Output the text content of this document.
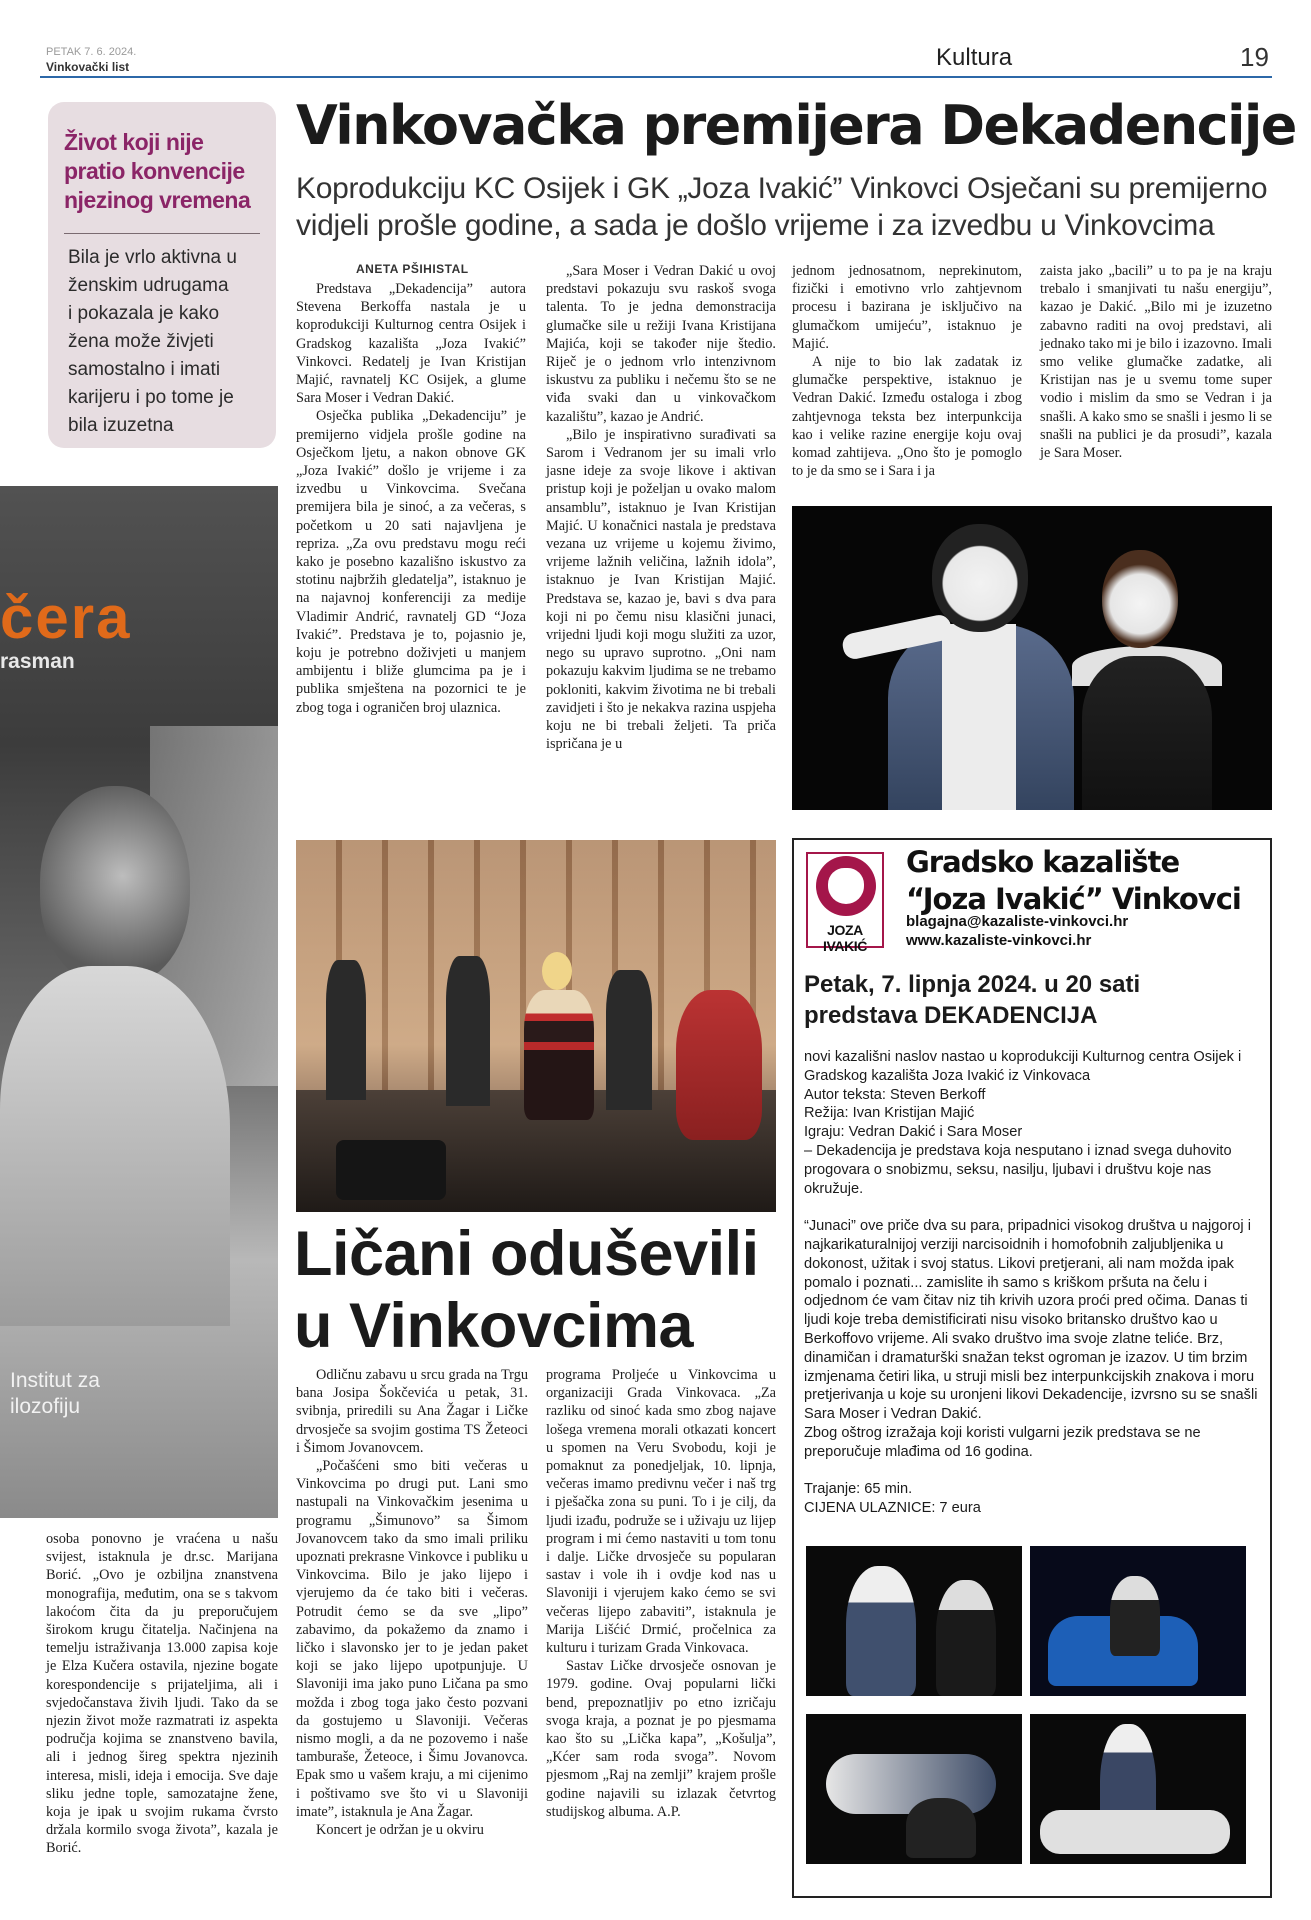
PETAK 7. 6. 2024.
Vinkovački list	Kultura	19
Život koji nije
pratio konvencije
njezinog vremena
Bila je vrlo aktivna u
ženskim udrugama
i pokazala je kako
žena može živjeti
samostalno i imati
karijeru i po tome je
bila izuzetna
čera
rasman
Institut za
ilozofiju
osoba ponovno je vraćena u našu svijest, istaknula je dr.sc. Marijana Borić. „Ovo je ozbiljna znanstvena monografija, međutim, ona se s takvom lakoćom čita da ju preporučujem širokom krugu čitatelja. Načinjena na temelju istraživanja 13.000 zapisa koje je Elza Kučera ostavila, njezine bogate korespondencije s prijateljima, ali i svjedočanstava živih ljudi. Tako da se njezin život može razmatrati iz aspekta područja kojima se znanstveno bavila, ali i jednog šireg spektra njezinih interesa, misli, ideja i emocija. Sve daje sliku jedne tople, samozatajne žene, koja je ipak u svojim rukama čvrsto držala kormilo svoga života”, kazala je Borić.
Vinkovačka premijera Dekadencije
Koprodukciju KC Osijek i GK „Joza Ivakić” Vinkovci Osječani su premijerno vidjeli prošle godine, a sada je došlo vrijeme i za izvedbu u Vinkovcima
ANETA PŠIHISTAL

Predstava „Dekadencija” autora Stevena Berkoffa nastala je u koprodukciji Kulturnog centra Osijek i Gradskog kazališta „Joza Ivakić” Vinkovci. Redatelj je Ivan Kristijan Majić, ravnatelj KC Osijek, a glume Sara Moser i Vedran Dakić.

Osječka publika „Dekadenciju” je premijerno vidjela prošle godine na Osječkom ljetu, a nakon obnove GK „Joza Ivakić” došlo je vrijeme i za izvedbu u Vinkovcima. Svečana premijera bila je sinoć, a za večeras, s početkom u 20 sati najavljena je repriza. „Za ovu predstavu mogu reći kako je posebno kazališno iskustvo za stotinu najbržih gledatelja”, istaknuo je na najavnoj konferenciji za medije Vladimir Andrić, ravnatelj GD “Joza Ivakić”. Predstava je to, pojasnio je, koju je potrebno doživjeti u manjem ambijentu i bliže glumcima pa je i publika smještena na pozornici te je zbog toga i ograničen broj ulaznica.

„Sara Moser i Vedran Dakić u ovoj predstavi pokazuju svu raskoš svoga talenta. To je jedna demonstracija glumačke sile u režiji Ivana Kristijana Majića, koji se također nije štedio. Riječ je o jednom vrlo intenzivnom iskustvu za publiku i nečemu što se ne viđa svaki dan u vinkovačkom kazalištu”, kazao je Andrić.

„Bilo je inspirativno surađivati sa Sarom i Vedranom jer su imali vrlo jasne ideje za svoje likove i aktivan pristup koji je poželjan u ovako malom ansamblu”, istaknuo je Ivan Kristijan Majić. U konačnici nastala je predstava vezana uz vrijeme u kojemu živimo, vrijeme lažnih veličina, lažnih idola”, istaknuo je Ivan Kristijan Majić. Predstava se, kazao je, bavi s dva para koji ni po čemu nisu klasični junaci, vrijedni ljudi koji mogu služiti za uzor, nego su upravo suprotno. „Oni nam pokazuju kakvim ljudima se ne trebamo pokloniti, kakvim životima ne bi trebali zavidjeti i što je nekakva razina uspjeha koju ne bi trebali željeti. Ta priča ispričana je u

jednom jednosatnom, neprekinutom, fizički i emotivno vrlo zahtjevnom procesu i bazirana je isključivo na glumačkom umijeću”, istaknuo je Majić.

A nije to bio lak zadatak iz glumačke perspektive, istaknuo je Vedran Dakić. Između ostaloga i zbog zahtjevnoga teksta bez interpunkcija kao i velike razine energije koju ovaj komad zahtijeva. „Ono što je pomoglo to je da smo se i Sara i ja

zaista jako „bacili” u to pa je na kraju trebalo i smanjivati tu našu energiju”, kazao je Dakić. „Bilo mi je izuzetno zabavno raditi na ovoj predstavi, ali jednako tako mi je bilo i izazovno. Imali smo velike glumačke zadatke, ali Kristijan nas je u svemu tome super vodio i mislim da smo se Vedran i ja snašli. A kako smo se snašli i jesmo li se snašli na publici je da prosudi”, kazala je Sara Moser.

Ličani oduševili
u Vinkovcima

Odličnu zabavu u srcu grada na Trgu bana Josipa Šokčevića u petak, 31. svibnja, priredili su Ana Žagar i Ličke drvosječe sa svojim gostima TS Žeteoci i Šimom Jovanovcem.

„Počašćeni smo biti večeras u Vinkovcima po drugi put. Lani smo nastupali na Vinkovačkim jesenima u programu „Šimunovo” sa Šimom Jovanovcem tako da smo imali priliku upoznati prekrasne Vinkovce i publiku u Vinkovcima. Bilo je jako lijepo i vjerujemo da će tako biti i večeras. Potrudit ćemo se da sve „lipo” zabavimo, da pokažemo da znamo i ličko i slavonsko jer to je jedan paket koji se jako lijepo upotpunjuje. U Slavoniji ima jako puno Ličana pa smo možda i zbog toga jako često pozvani da gostujemo u Slavoniji. Večeras nismo mogli, a da ne pozovemo i naše tamburaše, Žeteoce, i Šimu Jovanovca. Epak smo u vašem kraju, a mi cijenimo i poštivamo sve što vi u Slavoniji imate”, istaknula je Ana Žagar.

Koncert je održan je u okviru

programa Proljeće u Vinkovcima u organizaciji Grada Vinkovaca. „Za razliku od sinoć kada smo zbog najave lošega vremena morali otkazati koncert u spomen na Veru Svobodu, koji je pomaknut za ponedjeljak, 10. lipnja, večeras imamo predivnu večer i naš trg i pješačka zona su puni. To i je cilj, da ljudi izađu, podruže se i uživaju uz lijep program i mi ćemo nastaviti u tom tonu i dalje. Ličke drvosječe su popularan sastav i vole ih i ovdje kod nas u Slavoniji i vjerujem kako ćemo se svi večeras lijepo zabaviti”, istaknula je Marija Lišćić Drmić, pročelnica za kulturu i turizam Grada Vinkovaca.

Sastav Ličke drvosječe osnovan je 1979. godine. Ovaj popularni lički bend, prepoznatljiv po etno izričaju svoga kraja, a poznat je po pjesmama kao što su „Lička kapa”, „Košulja”, „Kćer sam roda svoga”. Novom pjesmom „Raj na zemlji” krajem prošle godine najavili su izlazak četvrtog studijskog albuma. A.P.

JOZA IVAKIĆ
Gradsko kazalište
“Joza Ivakić” Vinkovci
blagajna@kazaliste-vinkovci.hr
www.kazaliste-vinkovci.hr
Petak, 7. lipnja 2024. u 20 sati
predstava DEKADENCIJA
novi kazališni naslov nastao u koprodukciji Kulturnog centra Osijek i Gradskog kazališta Joza Ivakić iz Vinkovaca
Autor teksta: Steven Berkoff
Režija: Ivan Kristijan Majić
Igraju: Vedran Dakić i Sara Moser
– Dekadencija je predstava koja nesputano i iznad svega duhovito progovara o snobizmu, seksu, nasilju, ljubavi i društvu koje nas okružuje.
“Junaci” ove priče dva su para, pripadnici visokog društva u najgoroj i najkarikaturalnijoj verziji narcisoidnih i homofobnih zaljubljenika u dokonost, užitak i svoj status. Likovi pretjerani, ali nam možda ipak pomalo i poznati... zamislite ih samo s kriškom pršuta na čelu i odjednom će vam čitav niz tih krivih uzora proći pred očima. Danas ti ljudi koje treba demistificirati nisu visoko britansko društvo kao u Berkoffovo vrijeme. Ali svako društvo ima svoje zlatne teliće. Brz, dinamičan i dramaturški snažan tekst ogroman je izazov. U tim brzim izmjenama četiri lika, u struji misli bez interpunkcijskih znakova i moru pretjerivanja u koje su uronjeni likovi Dekadencije, izvrsno su se snašli Sara Moser i Vedran Dakić.
Zbog oštrog izražaja koji koristi vulgarni jezik predstava se ne preporučuje mlađima od 16 godina.
Trajanje: 65 min.
CIJENA ULAZNICE: 7 eura
